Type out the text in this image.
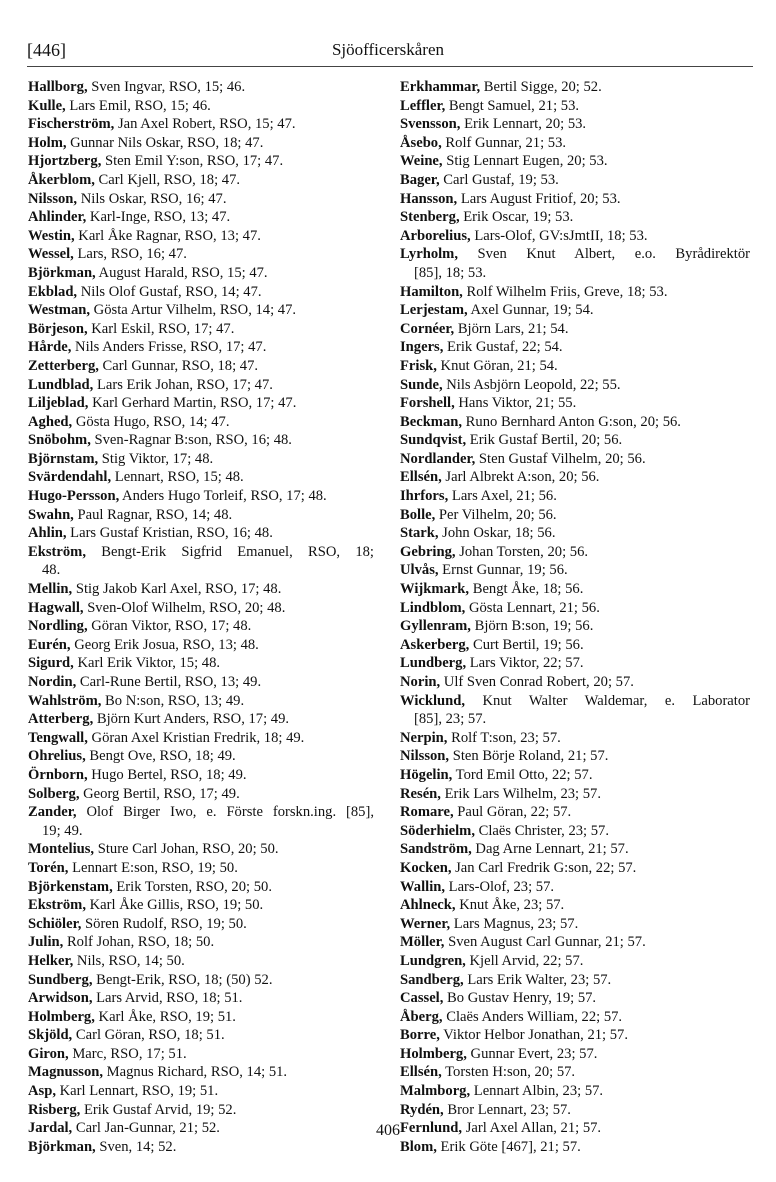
[446]	Sjöofficerskåren
Hallborg, Sven Ingvar, RSO, 15; 46.
Kulle, Lars Emil, RSO, 15; 46.
Fischerström, Jan Axel Robert, RSO, 15; 47.
Holm, Gunnar Nils Oskar, RSO, 18; 47.
Hjortzberg, Sten Emil Y:son, RSO, 17; 47.
Åkerblom, Carl Kjell, RSO, 18; 47.
Nilsson, Nils Oskar, RSO, 16; 47.
Ahlinder, Karl-Inge, RSO, 13; 47.
Westin, Karl Åke Ragnar, RSO, 13; 47.
Wessel, Lars, RSO, 16; 47.
Björkman, August Harald, RSO, 15; 47.
Ekblad, Nils Olof Gustaf, RSO, 14; 47.
Westman, Gösta Artur Vilhelm, RSO, 14; 47.
Börjeson, Karl Eskil, RSO, 17; 47.
Hårde, Nils Anders Frisse, RSO, 17; 47.
Zetterberg, Carl Gunnar, RSO, 18; 47.
Lundblad, Lars Erik Johan, RSO, 17; 47.
Liljeblad, Karl Gerhard Martin, RSO, 17; 47.
Aghed, Gösta Hugo, RSO, 14; 47.
Snöbohm, Sven-Ragnar B:son, RSO, 16; 48.
Björnstam, Stig Viktor, 17; 48.
Svärdendahl, Lennart, RSO, 15; 48.
Hugo-Persson, Anders Hugo Torleif, RSO, 17; 48.
Swahn, Paul Ragnar, RSO, 14; 48.
Ahlin, Lars Gustaf Kristian, RSO, 16; 48.
Ekström, Bengt-Erik Sigfrid Emanuel, RSO, 18;
48.
Mellin, Stig Jakob Karl Axel, RSO, 17; 48.
Hagwall, Sven-Olof Wilhelm, RSO, 20; 48.
Nordling, Göran Viktor, RSO, 17; 48.
Eurén, Georg Erik Josua, RSO, 13; 48.
Sigurd, Karl Erik Viktor, 15; 48.
Nordin, Carl-Rune Bertil, RSO, 13; 49.
Wahlström, Bo N:son, RSO, 13; 49.
Atterberg, Björn Kurt Anders, RSO, 17; 49.
Tengwall, Göran Axel Kristian Fredrik, 18; 49.
Ohrelius, Bengt Ove, RSO, 18; 49.
Örnborn, Hugo Bertel, RSO, 18; 49.
Solberg, Georg Bertil, RSO, 17; 49.
Zander, Olof Birger Iwo, e. Förste forskn.ing. [85],
19; 49.
Montelius, Sture Carl Johan, RSO, 20; 50.
Torén, Lennart E:son, RSO, 19; 50.
Björkenstam, Erik Torsten, RSO, 20; 50.
Ekström, Karl Åke Gillis, RSO, 19; 50.
Schiöler, Sören Rudolf, RSO, 19; 50.
Julin, Rolf Johan, RSO, 18; 50.
Helker, Nils, RSO, 14; 50.
Sundberg, Bengt-Erik, RSO, 18; (50) 52.
Arwidson, Lars Arvid, RSO, 18; 51.
Holmberg, Karl Åke, RSO, 19; 51.
Skjöld, Carl Göran, RSO, 18; 51.
Giron, Marc, RSO, 17; 51.
Magnusson, Magnus Richard, RSO, 14; 51.
Asp, Karl Lennart, RSO, 19; 51.
Risberg, Erik Gustaf Arvid, 19; 52.
Jardal, Carl Jan-Gunnar, 21; 52.
Björkman, Sven, 14; 52.
Erkhammar, Bertil Sigge, 20; 52.
Leffler, Bengt Samuel, 21; 53.
Svensson, Erik Lennart, 20; 53.
Åsebo, Rolf Gunnar, 21; 53.
Weine, Stig Lennart Eugen, 20; 53.
Bager, Carl Gustaf, 19; 53.
Hansson, Lars August Fritiof, 20; 53.
Stenberg, Erik Oscar, 19; 53.
Arborelius, Lars-Olof, GV:sJmtII, 18; 53.
Lyrholm, Sven Knut Albert, e.o. Byrådirektör
[85], 18; 53.
Hamilton, Rolf Wilhelm Friis, Greve, 18; 53.
Lerjestam, Axel Gunnar, 19; 54.
Cornéer, Björn Lars, 21; 54.
Ingers, Erik Gustaf, 22; 54.
Frisk, Knut Göran, 21; 54.
Sunde, Nils Asbjörn Leopold, 22; 55.
Forshell, Hans Viktor, 21; 55.
Beckman, Runo Bernhard Anton G:son, 20; 56.
Sundqvist, Erik Gustaf Bertil, 20; 56.
Nordlander, Sten Gustaf Vilhelm, 20; 56.
Ellsén, Jarl Albrekt A:son, 20; 56.
Ihrfors, Lars Axel, 21; 56.
Bolle, Per Vilhelm, 20; 56.
Stark, John Oskar, 18; 56.
Gebring, Johan Torsten, 20; 56.
Ulvås, Ernst Gunnar, 19; 56.
Wijkmark, Bengt Åke, 18; 56.
Lindblom, Gösta Lennart, 21; 56.
Gyllenram, Björn B:son, 19; 56.
Askerberg, Curt Bertil, 19; 56.
Lundberg, Lars Viktor, 22; 57.
Norin, Ulf Sven Conrad Robert, 20; 57.
Wicklund, Knut Walter Waldemar, e. Laborator
[85], 23; 57.
Nerpin, Rolf T:son, 23; 57.
Nilsson, Sten Börje Roland, 21; 57.
Högelin, Tord Emil Otto, 22; 57.
Resén, Erik Lars Wilhelm, 23; 57.
Romare, Paul Göran, 22; 57.
Söderhielm, Claës Christer, 23; 57.
Sandström, Dag Arne Lennart, 21; 57.
Kocken, Jan Carl Fredrik G:son, 22; 57.
Wallin, Lars-Olof, 23; 57.
Ahlneck, Knut Åke, 23; 57.
Werner, Lars Magnus, 23; 57.
Möller, Sven August Carl Gunnar, 21; 57.
Lundgren, Kjell Arvid, 22; 57.
Sandberg, Lars Erik Walter, 23; 57.
Cassel, Bo Gustav Henry, 19; 57.
Åberg, Claës Anders William, 22; 57.
Borre, Viktor Helbor Jonathan, 21; 57.
Holmberg, Gunnar Evert, 23; 57.
Ellsén, Torsten H:son, 20; 57.
Malmborg, Lennart Albin, 23; 57.
Rydén, Bror Lennart, 23; 57.
Fernlund, Jarl Axel Allan, 21; 57.
Blom, Erik Göte [467], 21; 57.
406
